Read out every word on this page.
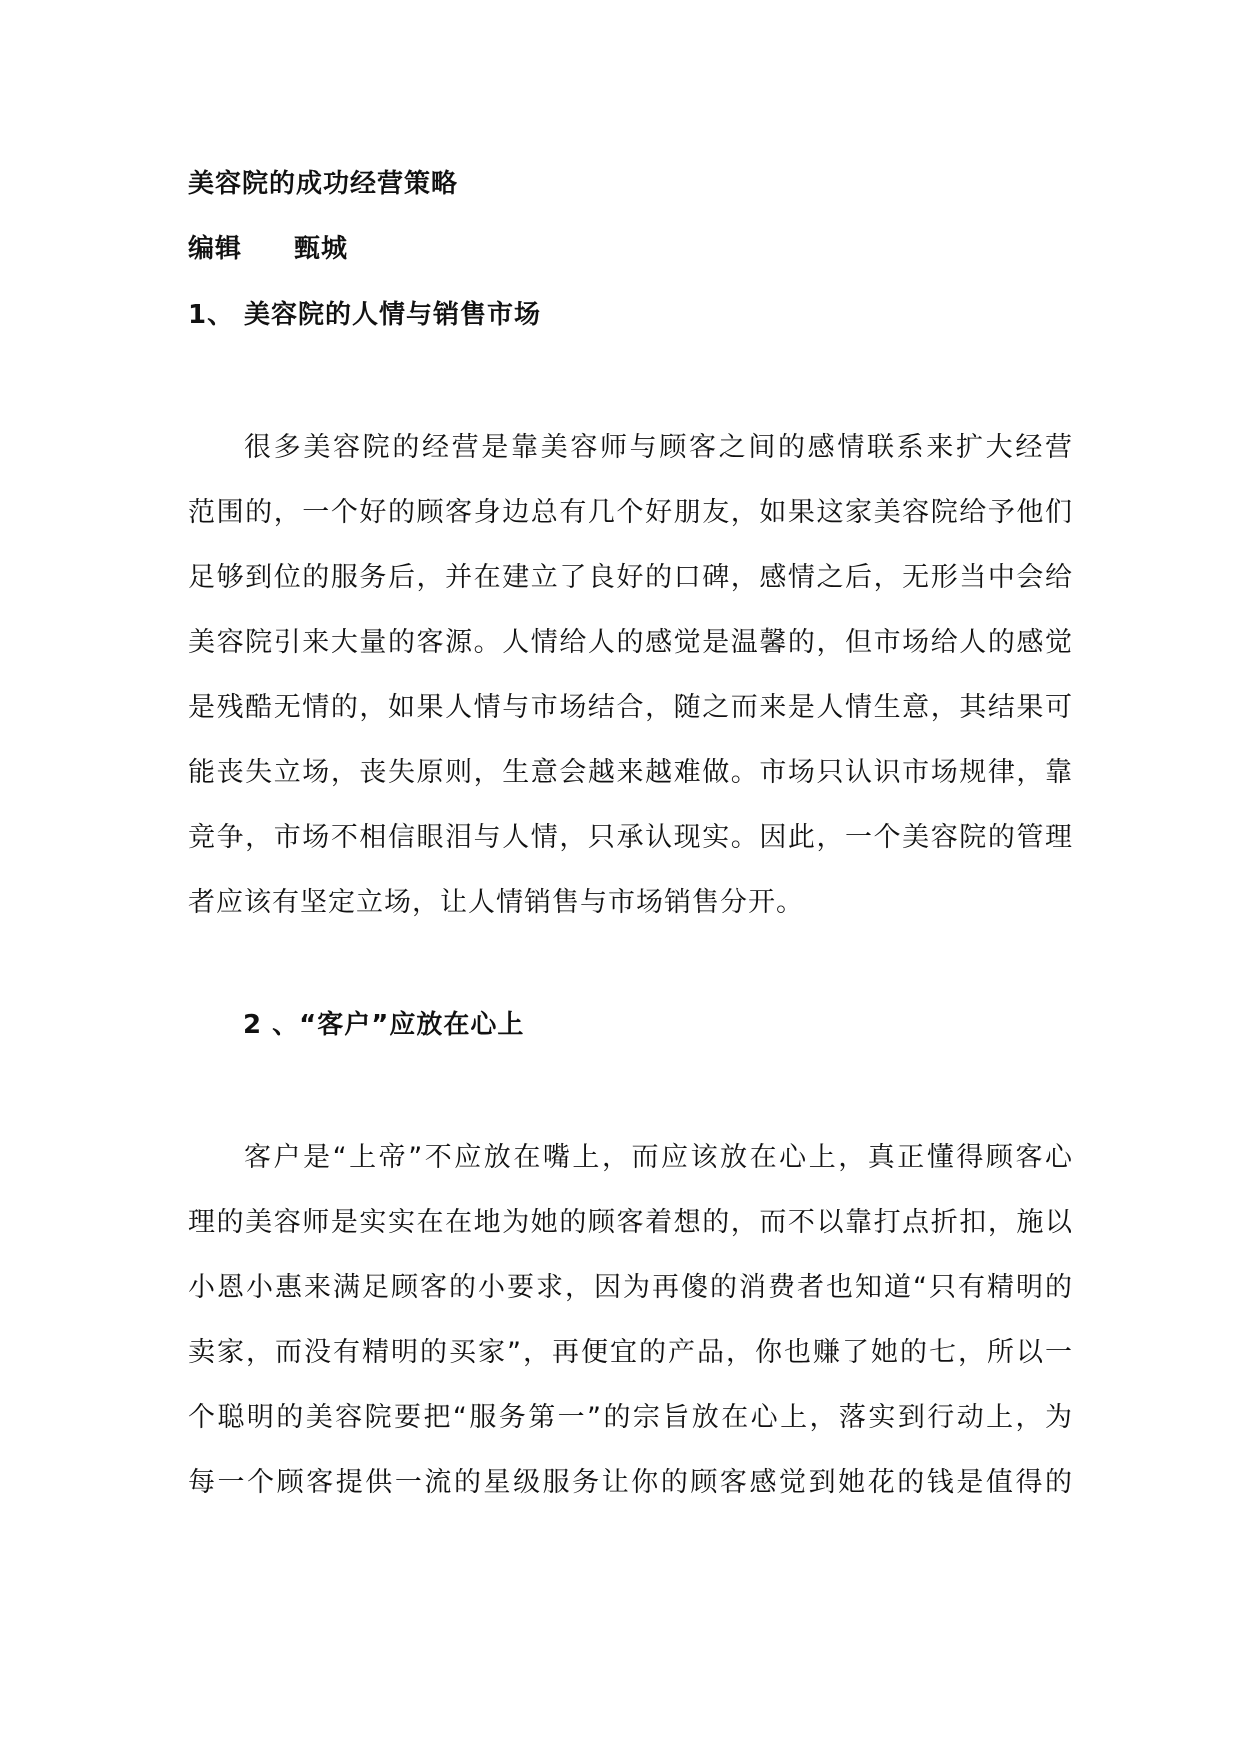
美容院的成功经营策略
编辑 甄城
1、 美容院的人情与销售市场
很多美容院的经营是靠美容师与顾客之间的感情联系来扩大经营
范围的，一个好的顾客身边总有几个好朋友，如果这家美容院给予他们
足够到位的服务后，并在建立了良好的口碑，感情之后，无形当中会给
美容院引来大量的客源。人情给人的感觉是温馨的，但市场给人的感觉
是残酷无情的，如果人情与市场结合，随之而来是人情生意，其结果可
能丧失立场，丧失原则，生意会越来越难做。市场只认识市场规律，靠
竞争，市场不相信眼泪与人情，只承认现实。因此，一个美容院的管理
者应该有坚定立场，让人情销售与市场销售分开。
2 、“客户”应放在心上
客户是“上帝”不应放在嘴上，而应该放在心上，真正懂得顾客心
理的美容师是实实在在地为她的顾客着想的，而不以靠打点折扣，施以
小恩小惠来满足顾客的小要求，因为再傻的消费者也知道“只有精明的
卖家，而没有精明的买家”，再便宜的产品，你也赚了她的七，所以一
个聪明的美容院要把“服务第一”的宗旨放在心上，落实到行动上，为
每一个顾客提供一流的星级服务让你的顾客感觉到她花的钱是值得的
